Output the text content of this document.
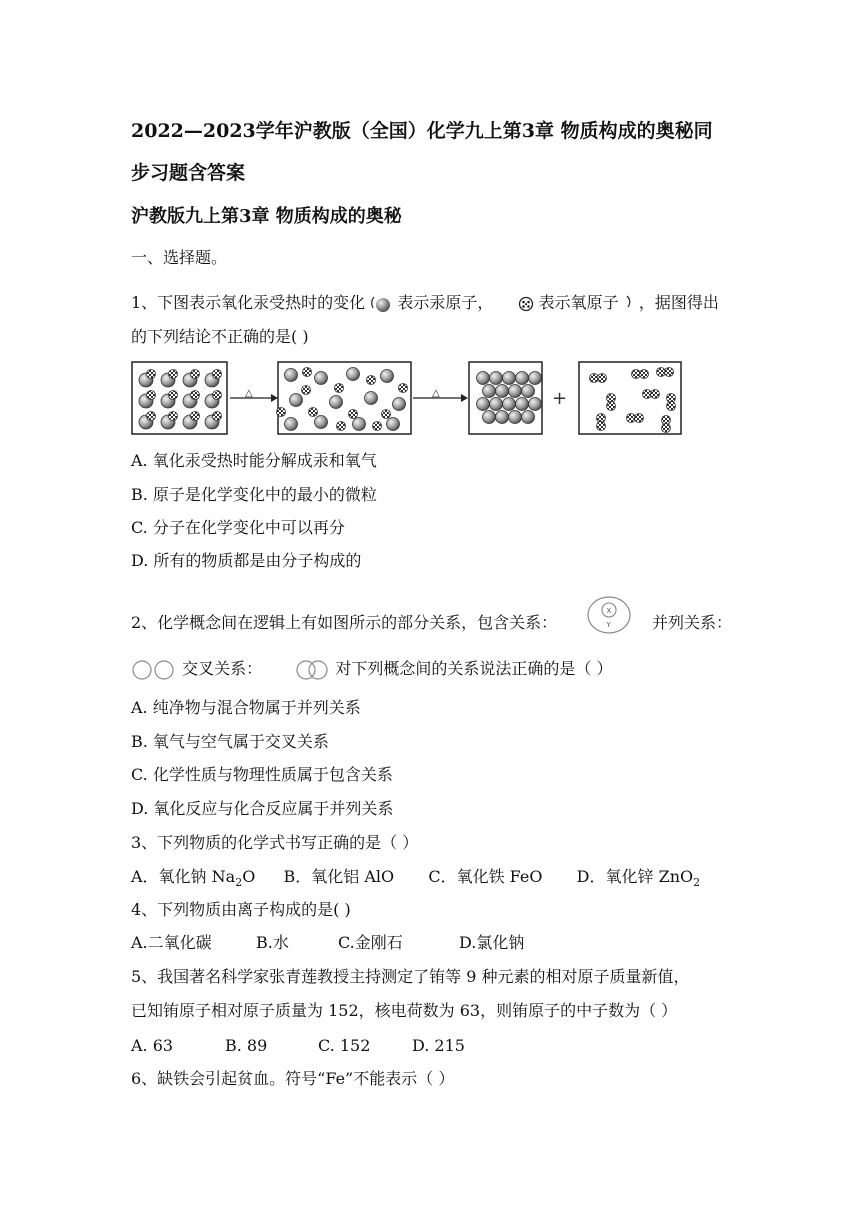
2022—2023学年沪教版（全国）化学九上第3章 物质构成的奥秘同
步习题含答案
沪教版九上第3章 物质构成的奥秘
一、选择题。
1、下图表示氧化汞受热时的变化 表示汞原子，	表示氧原子 ，据图得出
的下列结论不正确的是( )
△	△	+
A. 氧化汞受热时能分解成汞和氧气
B. 原子是化学变化中的最小的微粒
C. 分子在化学变化中可以再分
D. 所有的物质都是由分子构成的
2、化学概念间在逻辑上有如图所示的部分关系，包含关系：
X
Y	并列关系：
交叉关系：	对下列概念间的关系说法正确的是（ ）
A. 纯净物与混合物属于并列关系
B. 氧气与空气属于交叉关系
C. 化学性质与物理性质属于包含关系
D. 氧化反应与化合反应属于并列关系
3、下列物质的化学式书写正确的是（ ）
A．氧化钠 $Na_2O$ B．氧化铝 AlO C．氧化铁 FeO D．氧化锌 ZnO$_2$
4、下列物质由离子构成的是( )
A.二氧化碳	B.水	C.金刚石	D.氯化钠
5、我国著名科学家张青莲教授主持测定了铕等 9 种元素的相对原子质量新值，
已知铕原子相对原子质量为 152，核电荷数为 63，则铕原子的中子数为（ ）
A. 63	B. 89	C. 152	D. 215
6、缺铁会引起贫血。符号“Fe”不能表示（ ）
